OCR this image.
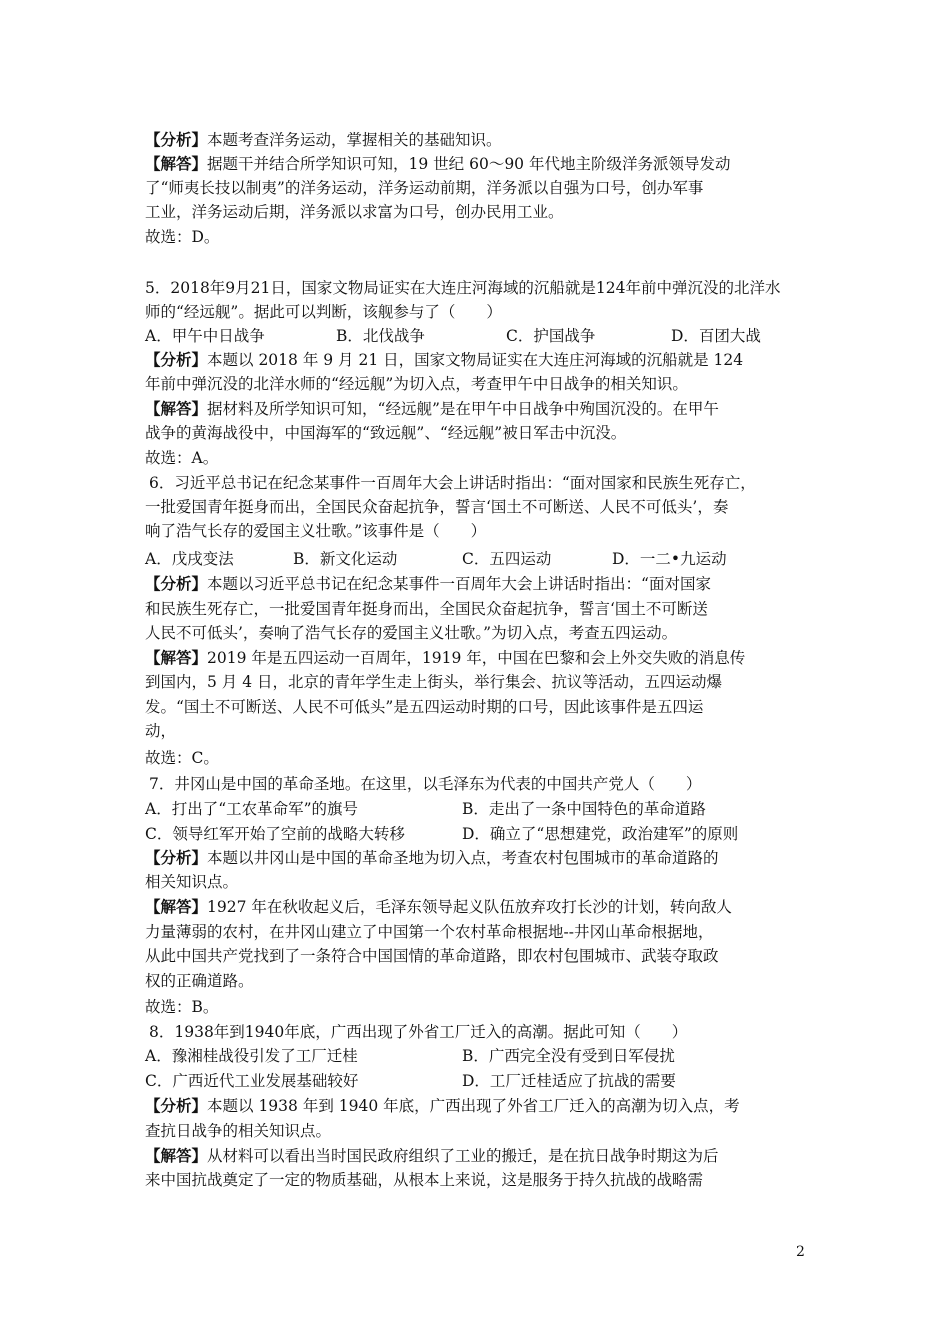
【分析】本题考查洋务运动，掌握相关的基础知识。
【解答】据题干并结合所学知识可知，19 世纪 60～90 年代地主阶级洋务派领导发动
了“师夷长技以制夷”的洋务运动，洋务运动前期，洋务派以自强为口号，创办军事
工业，洋务运动后期，洋务派以求富为口号，创办民用工业。
故选：D。
5．2018年9月21日，国家文物局证实在大连庄河海域的沉船就是124年前中弹沉没的北洋水
师的“经远舰”。据此可以判断，该舰参与了（　　）
A．甲午中日战争	B．北伐战争	C．护国战争	D．百团大战
【分析】本题以 2018 年 9 月 21 日，国家文物局证实在大连庄河海域的沉船就是 124
年前中弹沉没的北洋水师的“经远舰”为切入点，考查甲午中日战争的相关知识。
【解答】据材料及所学知识可知，“经远舰”是在甲午中日战争中殉国沉没的。在甲午
战争的黄海战役中，中国海军的“致远舰”、“经远舰”被日军击中沉没。
故选：A。
6．习近平总书记在纪念某事件一百周年大会上讲话时指出：“面对国家和民族生死存亡，
一批爱国青年挺身而出，全国民众奋起抗争，誓言‘国土不可断送、人民不可低头’，奏
响了浩气长存的爱国主义壮歌。”该事件是（　　）
A．戊戌变法	B．新文化运动	C．五四运动	D．一二•九运动
【分析】本题以习近平总书记在纪念某事件一百周年大会上讲话时指出：“面对国家
和民族生死存亡，一批爱国青年挺身而出，全国民众奋起抗争，誓言‘国土不可断送
人民不可低头’，奏响了浩气长存的爱国主义壮歌。”为切入点，考查五四运动。
【解答】2019 年是五四运动一百周年，1919 年，中国在巴黎和会上外交失败的消息传
到国内，5 月 4 日，北京的青年学生走上街头，举行集会、抗议等活动，五四运动爆
发。“国土不可断送、人民不可低头”是五四运动时期的口号，因此该事件是五四运
动，
故选：C。
7．井冈山是中国的革命圣地。在这里，以毛泽东为代表的中国共产党人（　　）
A．打出了“工农革命军”的旗号	B．走出了一条中国特色的革命道路
C．领导红军开始了空前的战略大转移	D．确立了“思想建党，政治建军”的原则
【分析】本题以井冈山是中国的革命圣地为切入点，考查农村包围城市的革命道路的
相关知识点。
【解答】1927 年在秋收起义后，毛泽东领导起义队伍放弃攻打长沙的计划，转向敌人
力量薄弱的农村，在井冈山建立了中国第一个农村革命根据地--井冈山革命根据地，
从此中国共产党找到了一条符合中国国情的革命道路，即农村包围城市、武装夺取政
权的正确道路。
故选：B。
8．1938年到1940年底，广西出现了外省工厂迁入的高潮。据此可知（　　）
A．豫湘桂战役引发了工厂迁桂	B．广西完全没有受到日军侵扰
C．广西近代工业发展基础较好	D．工厂迁桂适应了抗战的需要
【分析】本题以 1938 年到 1940 年底，广西出现了外省工厂迁入的高潮为切入点，考
查抗日战争的相关知识点。
【解答】从材料可以看出当时国民政府组织了工业的搬迁，是在抗日战争时期这为后
来中国抗战奠定了一定的物质基础，从根本上来说，这是服务于持久抗战的战略需
2
